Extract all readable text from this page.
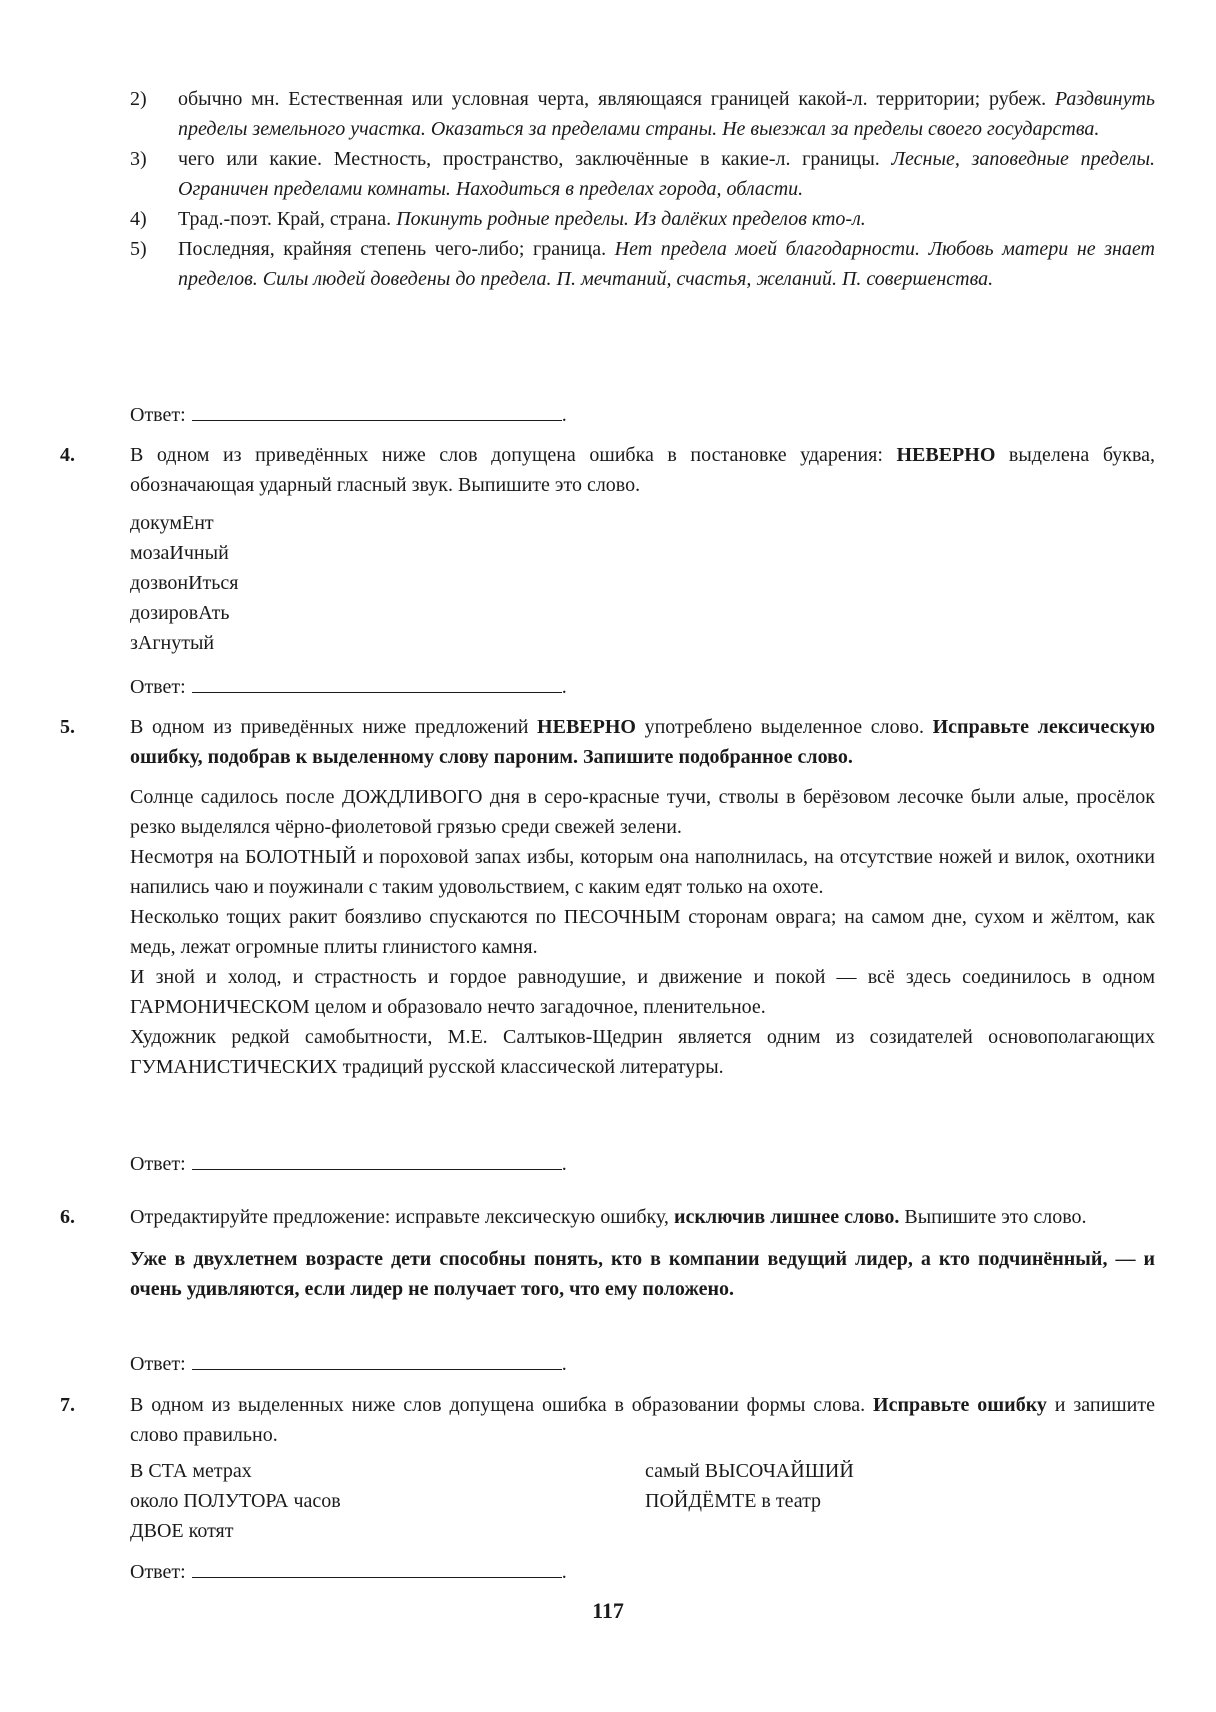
2)	обычно мн. Естественная или условная черта, являющаяся границей какой-л. территории; рубеж. Раздвинуть пределы земельного участка. Оказаться за пределами страны. Не выезжал за пределы своего государства.
3)	чего или какие. Местность, пространство, заключённые в какие-л. границы. Лесные, заповедные пределы. Ограничен пределами комнаты. Находиться в пределах города, области.
4)	Трад.-поэт. Край, страна. Покинуть родные пределы. Из далёких пределов кто-л.
5)	Последняя, крайняя степень чего-либо; граница. Нет предела моей благодарности. Любовь матери не знает пределов. Силы людей доведены до предела. П. мечтаний, счастья, желаний. П. совершенства.
Ответ:	.
4.	В одном из приведённых ниже слов допущена ошибка в постановке ударения: НЕВЕРНО выделена буква, обозначающая ударный гласный звук. Выпишите это слово.

докумЕнт
мозаИчный
дозвонИться
дозировАть
зАгнутый
Ответ:	.
5.	В одном из приведённых ниже предложений НЕВЕРНО употреблено выделенное слово. Исправьте лексическую ошибку, подобрав к выделенному слову пароним. Запишите подобранное слово.

Солнце садилось после ДОЖДЛИВОГО дня в серо-красные тучи, стволы в берёзовом лесочке были алые, просёлок резко выделялся чёрно-фиолетовой грязью среди свежей зелени.

Несмотря на БОЛОТНЫЙ и пороховой запах избы, которым она наполнилась, на отсутствие ножей и вилок, охотники напились чаю и поужинали с таким удовольствием, с каким едят только на охоте.

Несколько тощих ракит боязливо спускаются по ПЕСОЧНЫМ сторонам оврага; на самом дне, сухом и жёлтом, как медь, лежат огромные плиты глинистого камня.

И зной и холод, и страстность и гордое равнодушие, и движение и покой — всё здесь соединилось в одном ГАРМОНИЧЕСКОМ целом и образовало нечто загадочное, пленительное.

Художник редкой самобытности, М.Е. Салтыков-Щедрин является одним из созидателей основополагающих ГУМАНИСТИЧЕСКИХ традиций русской классической литературы.

Ответ:	.
6.	Отредактируйте предложение: исправьте лексическую ошибку, исключив лишнее слово. Выпишите это слово.

Уже в двухлетнем возрасте дети способны понять, кто в компании ведущий лидер, а кто подчинённый, — и очень удивляются, если лидер не получает того, что ему положено.

Ответ:	.
7.	В одном из выделенных ниже слов допущена ошибка в образовании формы слова. Исправьте ошибку и запишите слово правильно.

В СТА метрах
около ПОЛУТОРА часов
ДВОЕ котят
самый ВЫСОЧАЙШИЙ
ПОЙДЁМТЕ в театр
Ответ:	.
117
